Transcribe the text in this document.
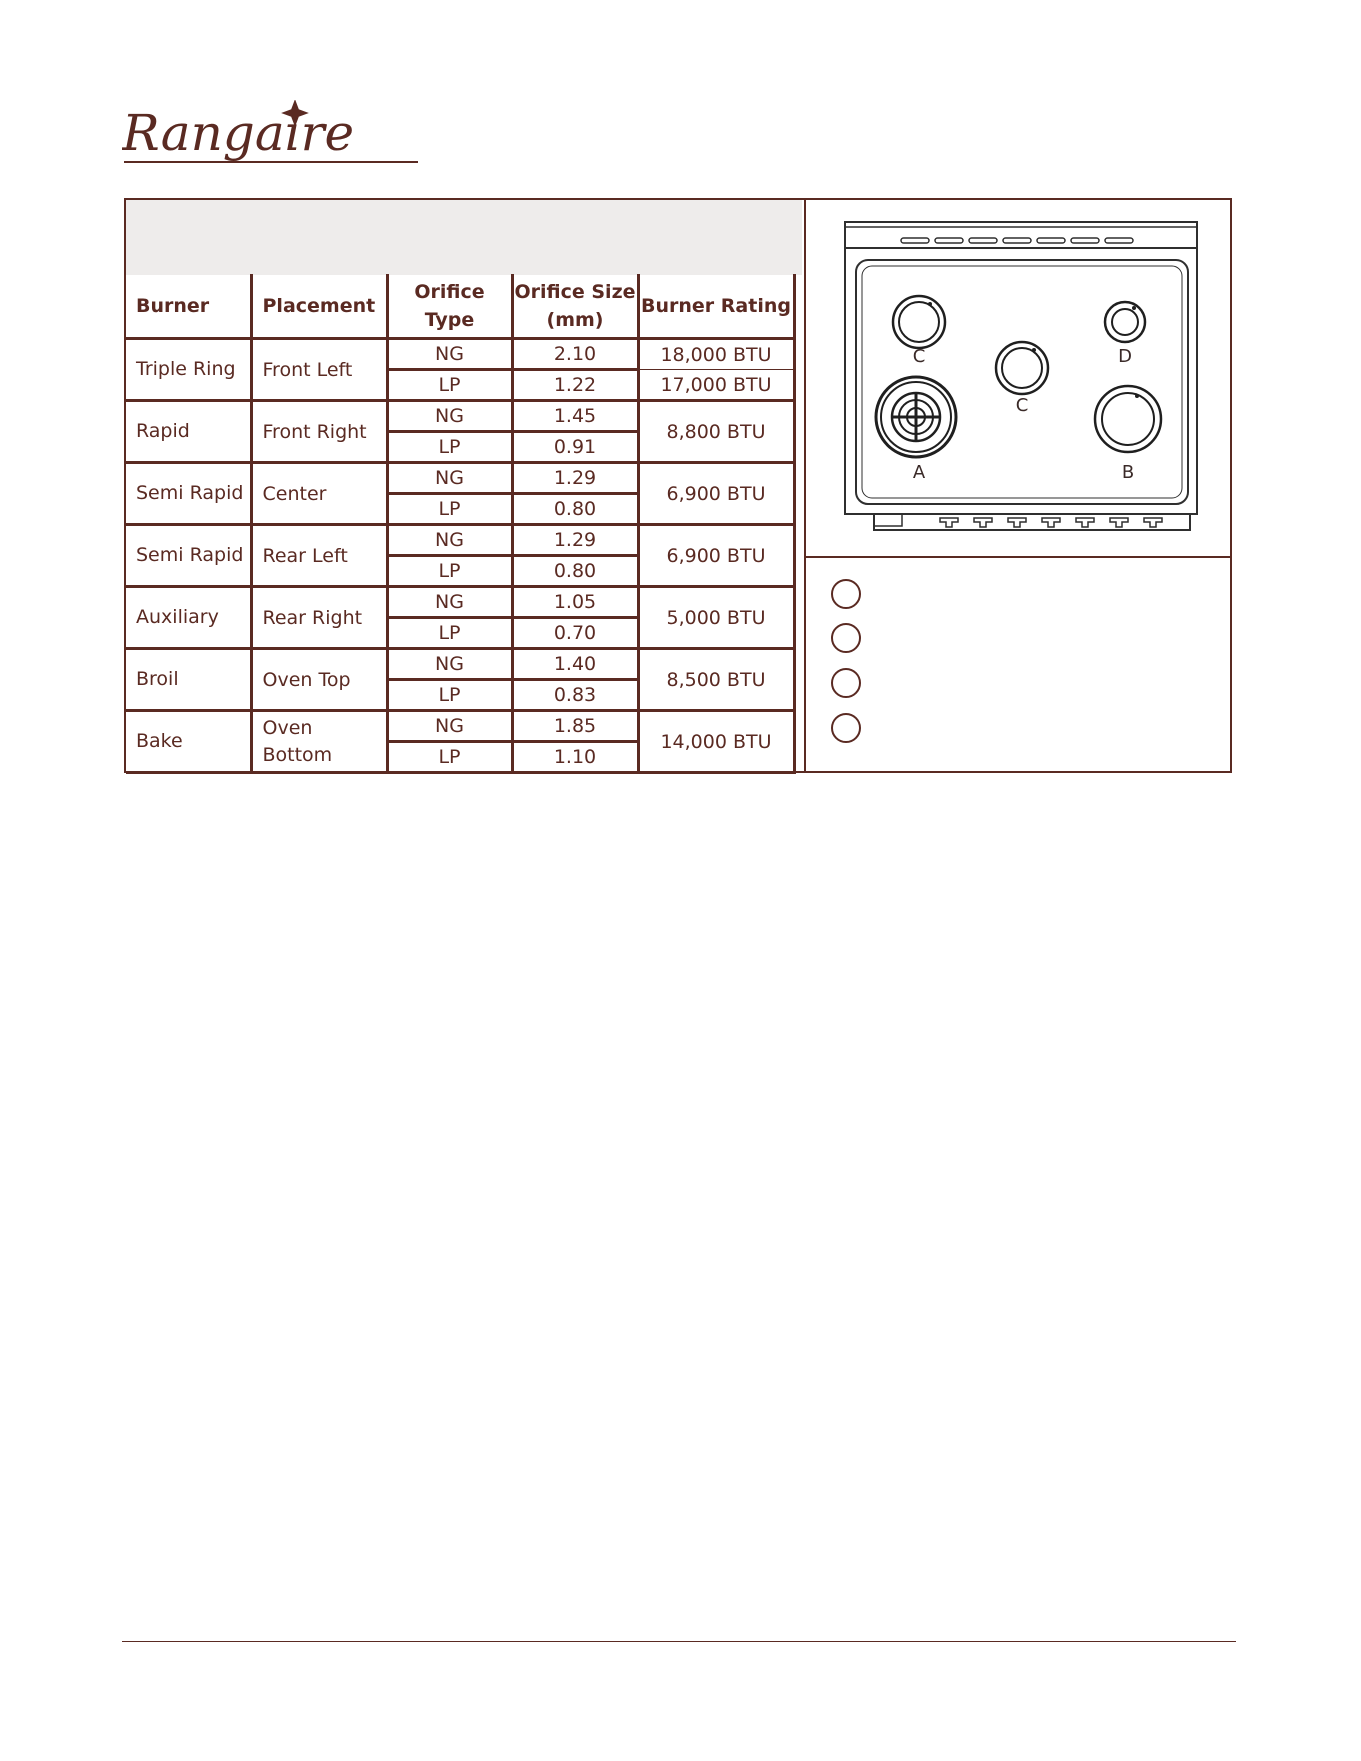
Rangaire
Burner	Placement	Orifice Type	Orifice Size (mm)	Burner Rating
Triple Ring	Front Left	NG	2.10	18,000 BTU
		LP	1.22	17,000 BTU
Rapid	Front Right	NG	1.45	8,800 BTU
		LP	0.91	
Semi Rapid	Center	NG	1.29	6,900 BTU
		LP	0.80	
Semi Rapid	Rear Left	NG	1.29	6,900 BTU
		LP	0.80	
Auxiliary	Rear Right	NG	1.05	5,000 BTU
		LP	0.70	
Broil	Oven Top	NG	1.40	8,500 BTU
		LP	0.83	
Bake	Oven Bottom	NG	1.85	14,000 BTU
		LP	1.10	
C	D
C
A	B
